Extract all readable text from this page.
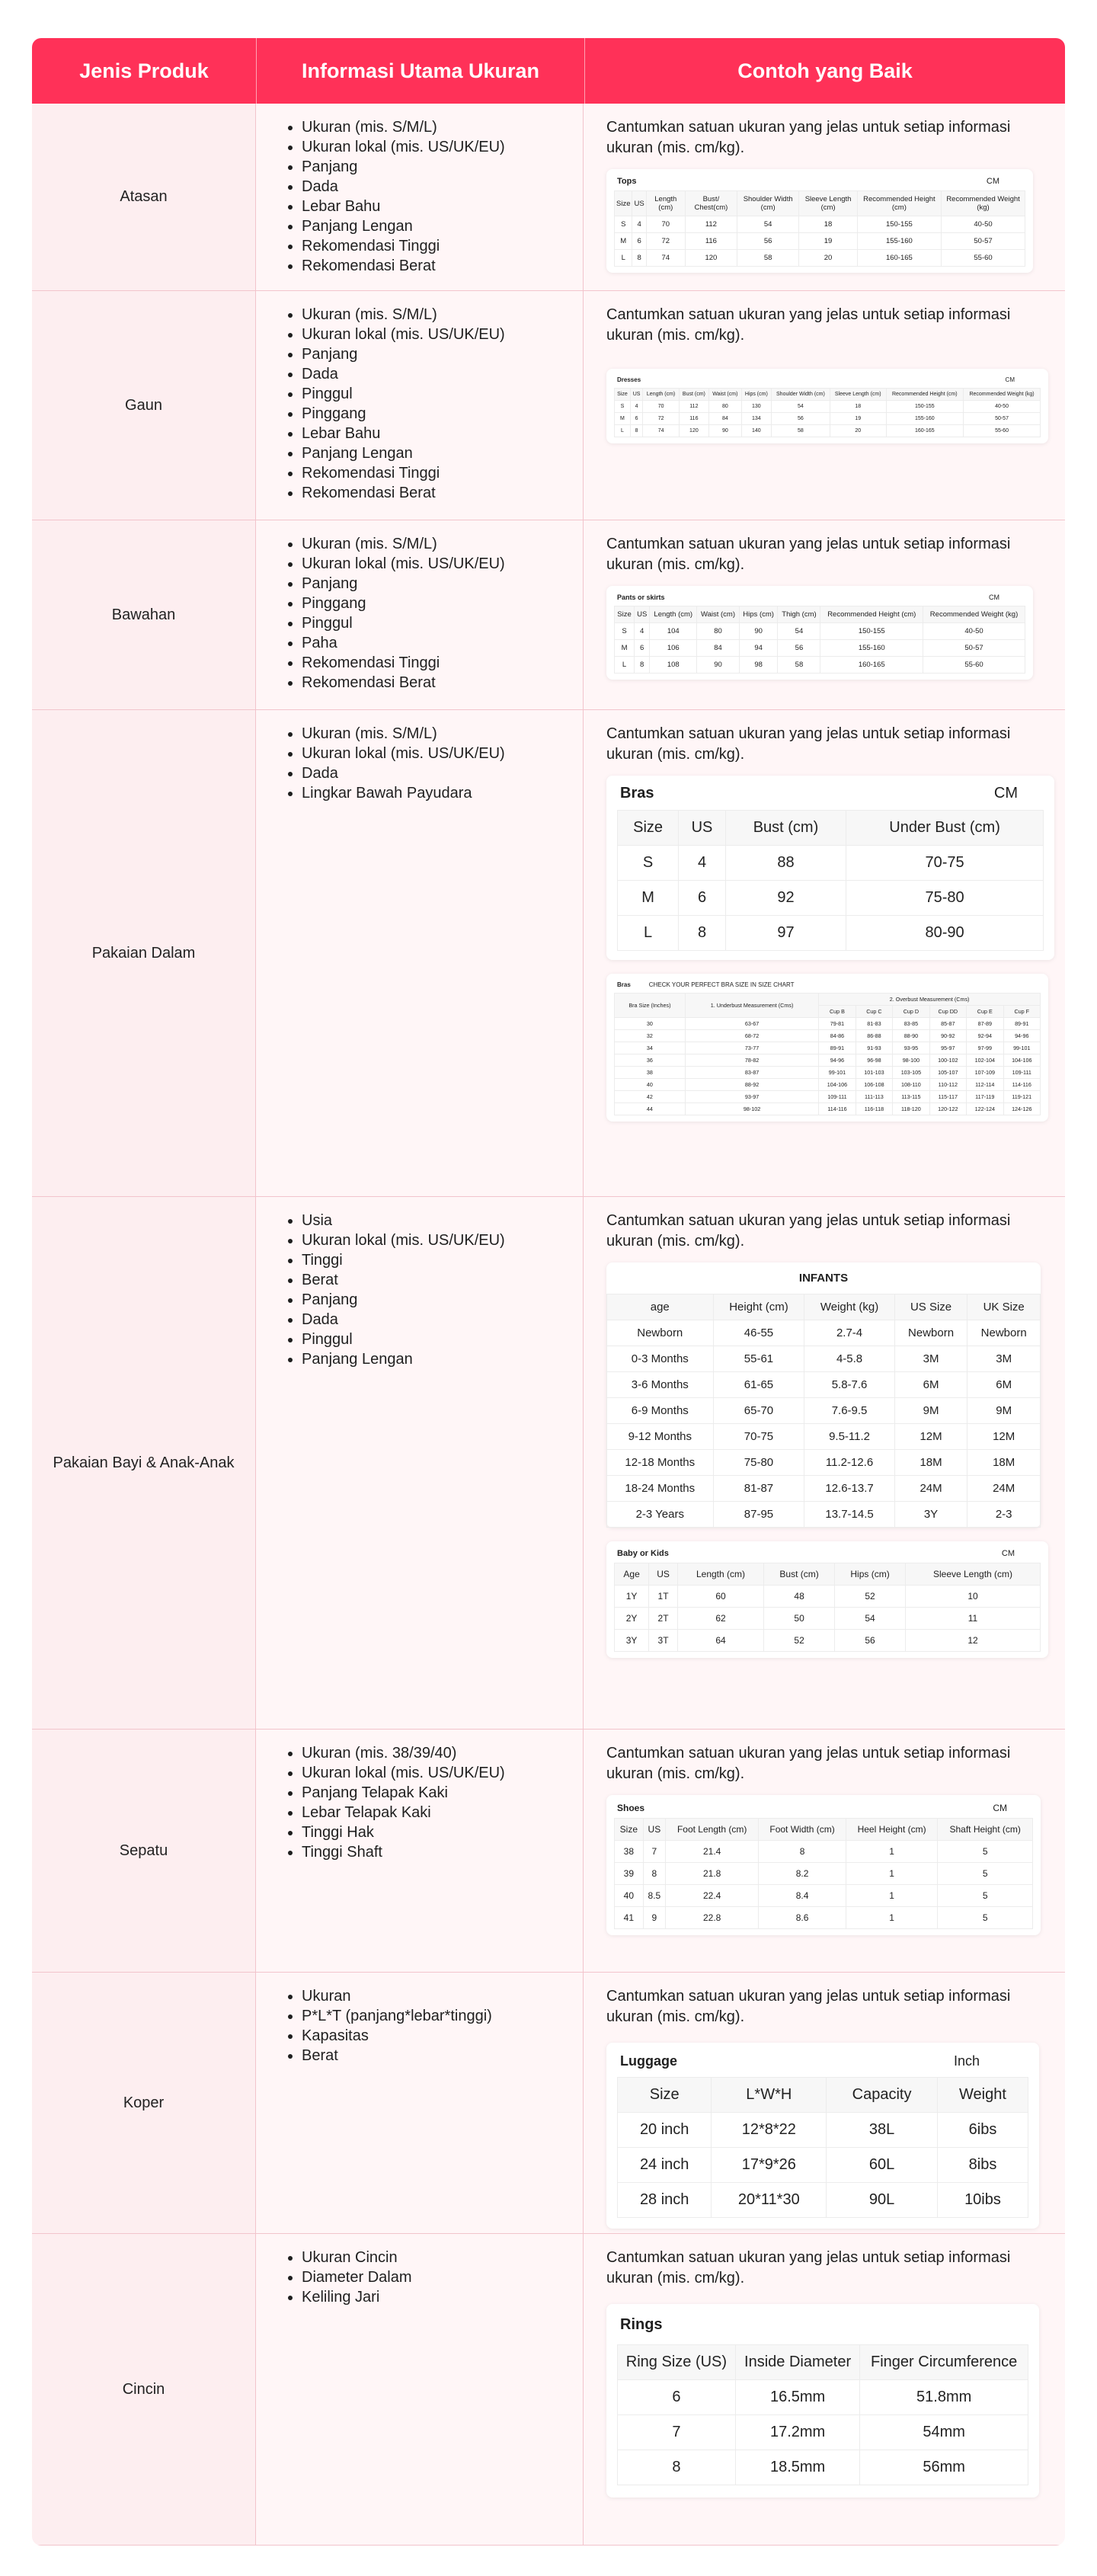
Jenis Produk	Informasi Utama Ukuran	Contoh yang Baik
Atasan
• Ukuran (mis. S/M/L)
• Ukuran lokal (mis. US/UK/EU)
• Panjang
• Dada
• Lebar Bahu
• Panjang Lengan
• Rekomendasi Tinggi
• Rekomendasi Berat

Cantumkan satuan ukuran yang jelas untuk setiap informasi ukuran (mis. cm/kg).

Tops	CM
Size	US	Length (cm)	Bust/ Chest(cm)	Shoulder Width (cm)	Sleeve Length (cm)	Recommended Height (cm)	Recommended Weight (kg)
S	4	70	112	54	18	150-155	40-50
M	6	72	116	56	19	155-160	50-57
L	8	74	120	58	20	160-165	55-60
Gaun
• Ukuran (mis. S/M/L)
• Ukuran lokal (mis. US/UK/EU)
• Panjang
• Dada
• Pinggul
• Pinggang
• Lebar Bahu
• Panjang Lengan
• Rekomendasi Tinggi
• Rekomendasi Berat

Cantumkan satuan ukuran yang jelas untuk setiap informasi ukuran (mis. cm/kg).

Dresses	CM
Size	US	Length (cm)	Bust (cm)	Waist (cm)	Hips (cm)	Shoulder Width (cm)	Sleeve Length (cm)	Recommended Height (cm)	Recommended Weight (kg)
S	4	70	112	80	130	54	18	150-155	40-50
M	6	72	116	84	134	56	19	155-160	50-57
L	8	74	120	90	140	58	20	160-165	55-60
Bawahan
• Ukuran (mis. S/M/L)
• Ukuran lokal (mis. US/UK/EU)
• Panjang
• Pinggang
• Pinggul
• Paha
• Rekomendasi Tinggi
• Rekomendasi Berat

Cantumkan satuan ukuran yang jelas untuk setiap informasi ukuran (mis. cm/kg).

Pants or skirts	CM
Size	US	Length (cm)	Waist (cm)	Hips (cm)	Thigh (cm)	Recommended Height (cm)	Recommended Weight (kg)
S	4	104	80	90	54	150-155	40-50
M	6	106	84	94	56	155-160	50-57
L	8	108	90	98	58	160-165	55-60
Pakaian Dalam
• Ukuran (mis. S/M/L)
• Ukuran lokal (mis. US/UK/EU)
• Dada
• Lingkar Bawah Payudara

Cantumkan satuan ukuran yang jelas untuk setiap informasi ukuran (mis. cm/kg).

Bras	CM
Size	US	Bust (cm)	Under Bust (cm)
S	4	88	70-75
M	6	92	75-80
L	8	97	80-90
Bras	CHECK YOUR PERFECT BRA SIZE IN SIZE CHART
Bra Size (Inches)	1. Underbust Measurement (Cms)	2. Overbust Measurement (Cms)					
		Cup B	Cup C	Cup D	Cup DD	Cup E	Cup F
30	63-67	79-81	81-83	83-85	85-87	87-89	89-91
32	68-72	84-86	86-88	88-90	90-92	92-94	94-96
34	73-77	89-91	91-93	93-95	95-97	97-99	99-101
36	78-82	94-96	96-98	98-100	100-102	102-104	104-106
38	83-87	99-101	101-103	103-105	105-107	107-109	109-111
40	88-92	104-106	106-108	108-110	110-112	112-114	114-116
42	93-97	109-111	111-113	113-115	115-117	117-119	119-121
44	98-102	114-116	116-118	118-120	120-122	122-124	124-126
Pakaian Bayi & Anak-Anak
• Usia
• Ukuran lokal (mis. US/UK/EU)
• Tinggi
• Berat
• Panjang
• Dada
• Pinggul
• Panjang Lengan

Cantumkan satuan ukuran yang jelas untuk setiap informasi ukuran (mis. cm/kg).

INFANTS
age	Height (cm)	Weight (kg)	US Size	UK Size
Newborn	46-55	2.7-4	Newborn	Newborn
0-3 Months	55-61	4-5.8	3M	3M
3-6 Months	61-65	5.8-7.6	6M	6M
6-9 Months	65-70	7.6-9.5	9M	9M
9-12 Months	70-75	9.5-11.2	12M	12M
12-18 Months	75-80	11.2-12.6	18M	18M
18-24 Months	81-87	12.6-13.7	24M	24M
2-3 Years	87-95	13.7-14.5	3Y	2-3
Baby or Kids	CM
Age	US	Length (cm)	Bust (cm)	Hips (cm)	Sleeve Length (cm)
1Y	1T	60	48	52	10
2Y	2T	62	50	54	11
3Y	3T	64	52	56	12
Sepatu
• Ukuran (mis. 38/39/40)
• Ukuran lokal (mis. US/UK/EU)
• Panjang Telapak Kaki
• Lebar Telapak Kaki
• Tinggi Hak
• Tinggi Shaft

Cantumkan satuan ukuran yang jelas untuk setiap informasi ukuran (mis. cm/kg).

Shoes	CM
Size	US	Foot Length (cm)	Foot Width (cm)	Heel Height (cm)	Shaft Height (cm)
38	7	21.4	8	1	5
39	8	21.8	8.2	1	5
40	8.5	22.4	8.4	1	5
41	9	22.8	8.6	1	5
Koper
• Ukuran
• P*L*T (panjang*lebar*tinggi)
• Kapasitas
• Berat

Cantumkan satuan ukuran yang jelas untuk setiap informasi ukuran (mis. cm/kg).

Luggage	Inch
Size	L*W*H	Capacity	Weight
20 inch	12*8*22	38L	6ibs
24 inch	17*9*26	60L	8ibs
28 inch	20*11*30	90L	10ibs
Cincin
• Ukuran Cincin
• Diameter Dalam
• Keliling Jari

Cantumkan satuan ukuran yang jelas untuk setiap informasi ukuran (mis. cm/kg).

Rings
Ring Size (US)	Inside Diameter	Finger Circumference
6	16.5mm	51.8mm
7	17.2mm	54mm
8	18.5mm	56mm
